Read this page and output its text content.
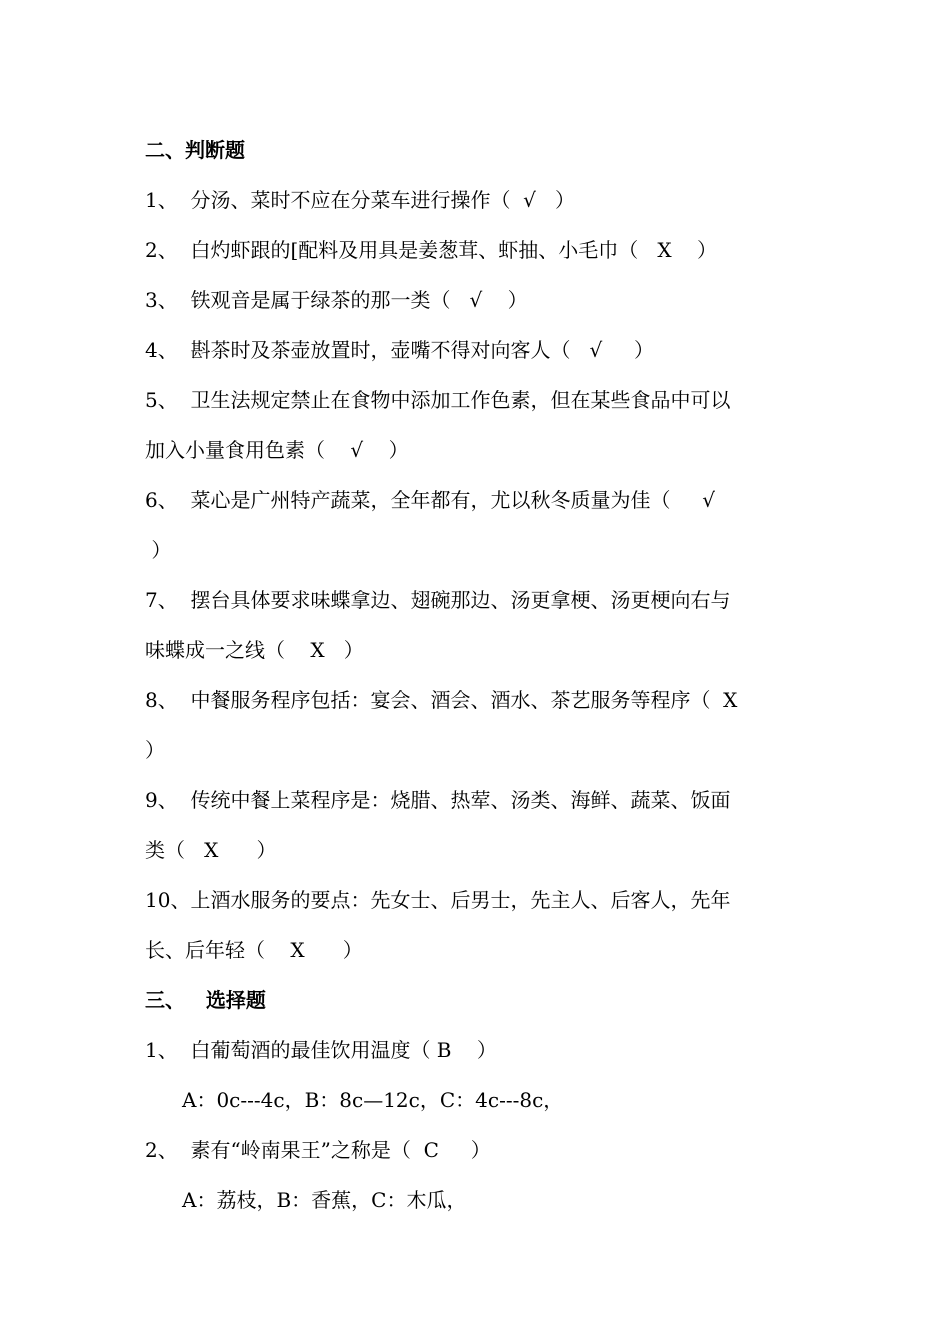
二、判断题
1、  分汤、菜时不应在分菜车进行操作（  √   ）
2、  白灼虾跟的[配料及用具是姜葱茸、虾抽、小毛巾（   X    ）
3、  铁观音是属于绿茶的那一类（   √    ）
4、  斟茶时及茶壶放置时，壶嘴不得对向客人（   √     ）
5、  卫生法规定禁止在食物中添加工作色素，但在某些食品中可以
加入小量食用色素（    √    ）
6、  菜心是广州特产蔬菜，全年都有，尤以秋冬质量为佳（     √
）
7、  摆台具体要求味蝶拿边、翅碗那边、汤更拿梗、汤更梗向右与
味蝶成一之线（    X   ）
8、  中餐服务程序包括：宴会、酒会、酒水、茶艺服务等程序（  X
）
9、  传统中餐上菜程序是：烧腊、热荤、汤类、海鲜、蔬菜、饭面
类（   X      ）
10、上酒水服务的要点：先女士、后男士，先主人、后客人，先年
长、后年轻（    X      ）
三、   选择题
1、  白葡萄酒的最佳饮用温度（ B    ）
A：0c---4c，B：8c—12c，C：4c---8c，
2、  素有“岭南果王”之称是（  C     ）
A：荔枝，B：香蕉，C：木瓜，
